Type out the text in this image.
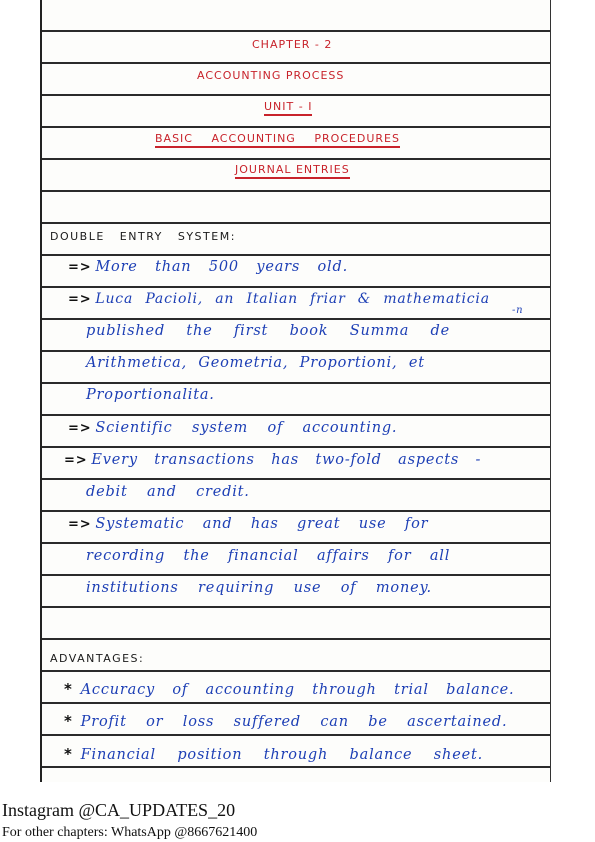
CHAPTER - 2
ACCOUNTING PROCESS
UNIT - I
BASIC ACCOUNTING PROCEDURES
JOURNAL ENTRIES
DOUBLE ENTRY SYSTEM:
=> More than 500 years old.
=> Luca Pacioli, an Italian friar & mathematicia
-n
published the first book Summa de
Arithmetica, Geometria, Proportioni, et
Proportionalita.
=> Scientific system of accounting.
=> Every transactions has two-fold aspects -
debit and credit.
=> Systematic and has great use for
recording the financial affairs for all
institutions requiring use of money.
ADVANTAGES:
* Accuracy of accounting through trial balance.
* Profit or loss suffered can be ascertained.
* Financial position through balance sheet.
Instagram @CA_UPDATES_20
For other chapters: WhatsApp @8667621400
